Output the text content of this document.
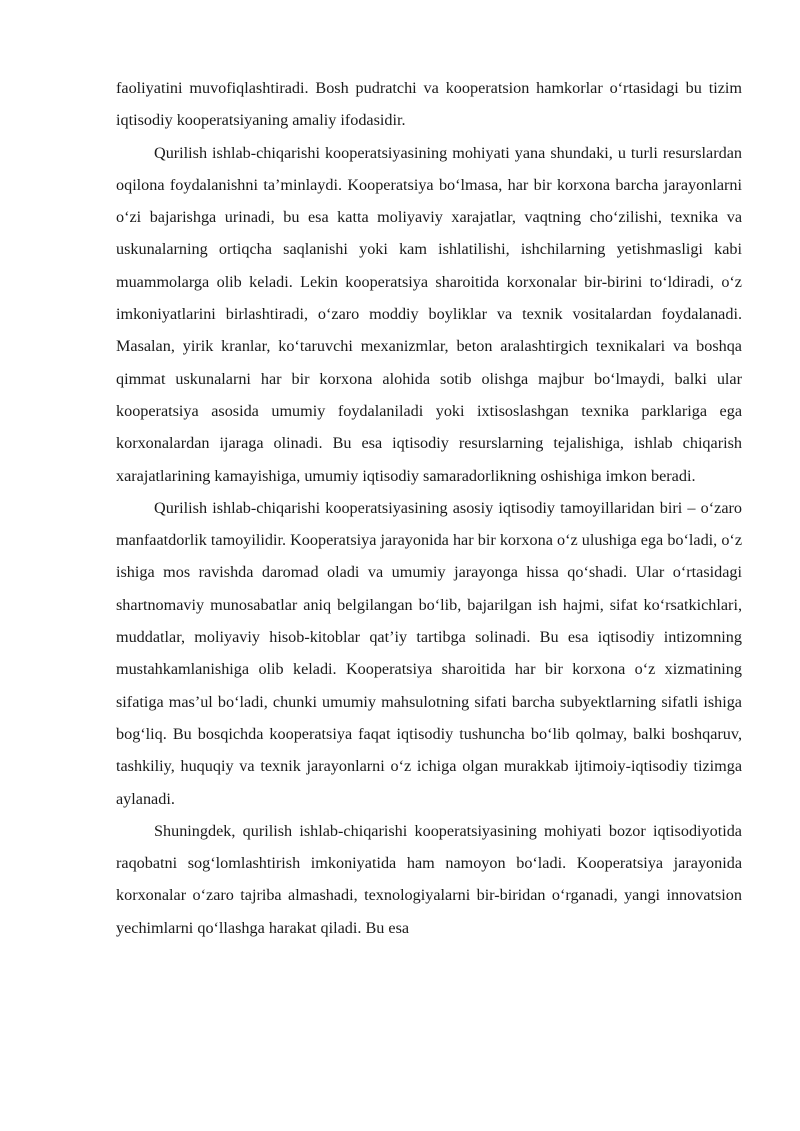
faoliyatini muvofiqlashtiradi. Bosh pudratchi va kooperatsion hamkorlar o‘rtasidagi bu tizim iqtisodiy kooperatsiyaning amaliy ifodasidir.

Qurilish ishlab-chiqarishi kooperatsiyasining mohiyati yana shundaki, u turli resurslardan oqilona foydalanishni ta’minlaydi. Kooperatsiya bo‘lmasa, har bir korxona barcha jarayonlarni o‘zi bajarishga urinadi, bu esa katta moliyaviy xarajatlar, vaqtning cho‘zilishi, texnika va uskunalarning ortiqcha saqlanishi yoki kam ishlatilishi, ishchilarning yetishmasligi kabi muammolarga olib keladi. Lekin kooperatsiya sharoitida korxonalar bir-birini to‘ldiradi, o‘z imkoniyatlarini birlashtiradi, o‘zaro moddiy boyliklar va texnik vositalardan foydalanadi. Masalan, yirik kranlar, ko‘taruvchi mexanizmlar, beton aralashtirgich texnikalari va boshqa qimmat uskunalarni har bir korxona alohida sotib olishga majbur bo‘lmaydi, balki ular kooperatsiya asosida umumiy foydalaniladi yoki ixtisoslashgan texnika parklariga ega korxonalardan ijaraga olinadi. Bu esa iqtisodiy resurslarning tejalishiga, ishlab chiqarish xarajatlarining kamayishiga, umumiy iqtisodiy samaradorlikning oshishiga imkon beradi.

Qurilish ishlab-chiqarishi kooperatsiyasining asosiy iqtisodiy tamoyillaridan biri – o‘zaro manfaatdorlik tamoyilidir. Kooperatsiya jarayonida har bir korxona o‘z ulushiga ega bo‘ladi, o‘z ishiga mos ravishda daromad oladi va umumiy jarayonga hissa qo‘shadi. Ular o‘rtasidagi shartnomaviy munosabatlar aniq belgilangan bo‘lib, bajarilgan ish hajmi, sifat ko‘rsatkichlari, muddatlar, moliyaviy hisob-kitoblar qat’iy tartibga solinadi. Bu esa iqtisodiy intizomning mustahkamlanishiga olib keladi. Kooperatsiya sharoitida har bir korxona o‘z xizmatining sifatiga mas’ul bo‘ladi, chunki umumiy mahsulotning sifati barcha subyektlarning sifatli ishiga bog‘liq. Bu bosqichda kooperatsiya faqat iqtisodiy tushuncha bo‘lib qolmay, balki boshqaruv, tashkiliy, huquqiy va texnik jarayonlarni o‘z ichiga olgan murakkab ijtimoiy-iqtisodiy tizimga aylanadi.

Shuningdek, qurilish ishlab-chiqarishi kooperatsiyasining mohiyati bozor iqtisodiyotida raqobatni sog‘lomlashtirish imkoniyatida ham namoyon bo‘ladi. Kooperatsiya jarayonida korxonalar o‘zaro tajriba almashadi, texnologiyalarni bir-biridan o‘rganadi, yangi innovatsion yechimlarni qo‘llashga harakat qiladi. Bu esa
